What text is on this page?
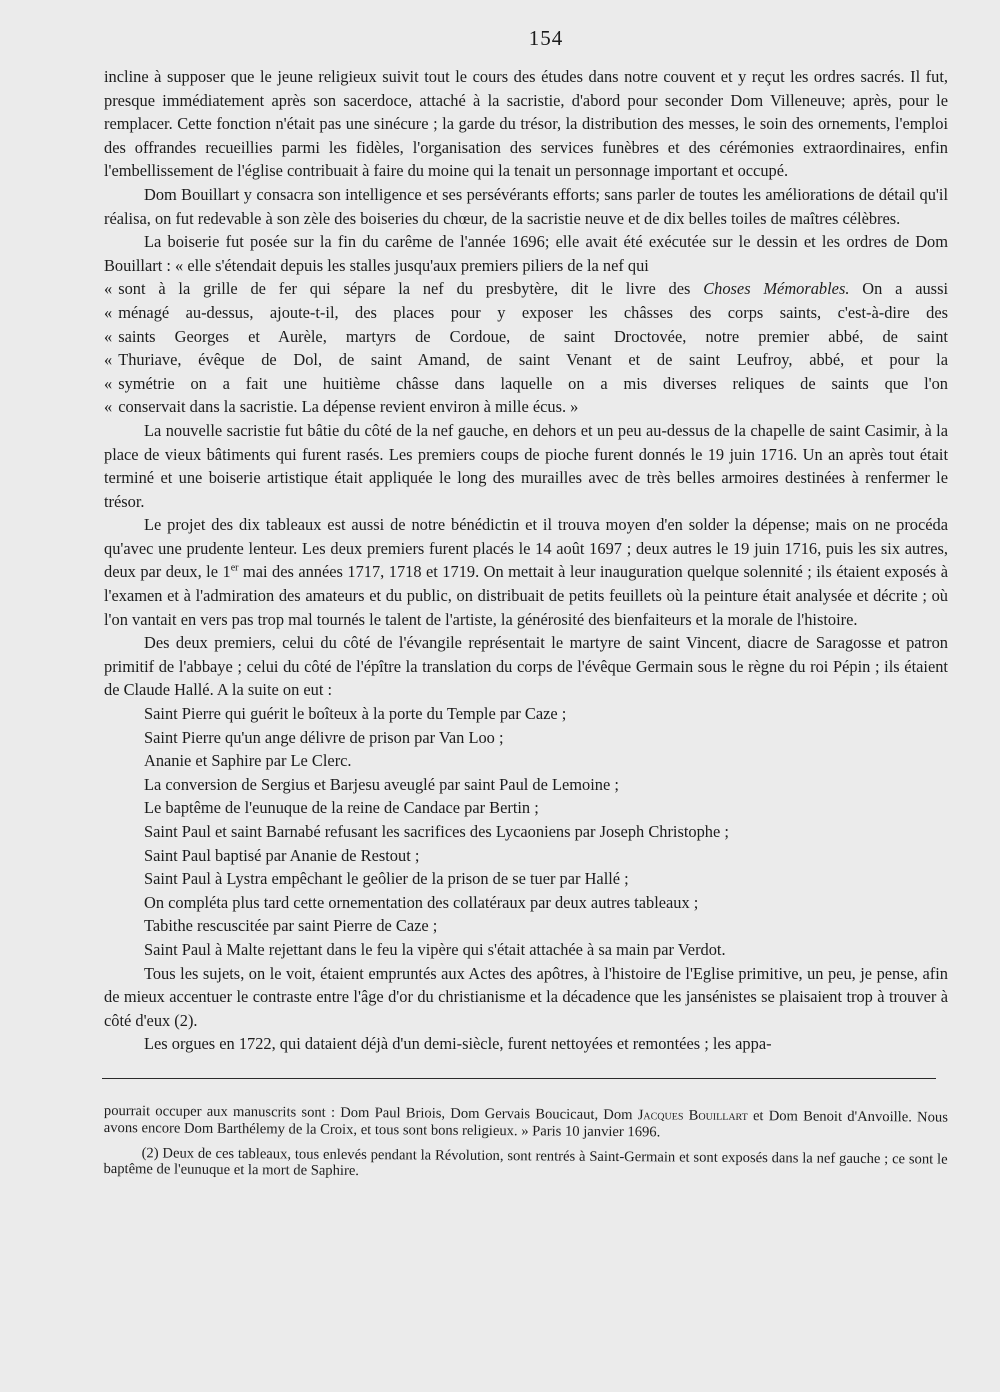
154

incline à supposer que le jeune religieux suivit tout le cours des études dans notre couvent et y reçut les ordres sacrés. Il fut, presque immédiatement après son sacerdoce, attaché à la sacristie, d'abord pour seconder Dom Villeneuve; après, pour le remplacer. Cette fonction n'était pas une sinécure ; la garde du trésor, la distribution des messes, le soin des ornements, l'emploi des offrandes recueillies parmi les fidèles, l'organisation des services funèbres et des cérémonies extraordinaires, enfin l'embellissement de l'église contribuait à faire du moine qui la tenait un personnage important et occupé.

Dom Bouillart y consacra son intelligence et ses persévérants efforts; sans parler de toutes les améliorations de détail qu'il réalisa, on fut redevable à son zèle des boiseries du chœur, de la sacristie neuve et de dix belles toiles de maîtres célèbres.

La boiserie fut posée sur la fin du carême de l'année 1696; elle avait été exécutée sur le dessin et les ordres de Dom Bouillart : « elle s'étendait depuis les stalles jusqu'aux premiers piliers de la nef qui

« sont à la grille de fer qui sépare la nef du presbytère, dit le livre des Choses Mémorables. On a aussi
« ménagé au-dessus, ajoute-t-il, des places pour y exposer les châsses des corps saints, c'est-à-dire des
« saints Georges et Aurèle, martyrs de Cordoue, de saint Droctovée, notre premier abbé, de saint
« Thuriave, évêque de Dol, de saint Amand, de saint Venant et de saint Leufroy, abbé, et pour la
« symétrie on a fait une huitième châsse dans laquelle on a mis diverses reliques de saints que l'on
« conservait dans la sacristie. La dépense revient environ à mille écus. »

La nouvelle sacristie fut bâtie du côté de la nef gauche, en dehors et un peu au-dessus de la chapelle de saint Casimir, à la place de vieux bâtiments qui furent rasés. Les premiers coups de pioche furent donnés le 19 juin 1716. Un an après tout était terminé et une boiserie artistique était appliquée le long des murailles avec de très belles armoires destinées à renfermer le trésor.

Le projet des dix tableaux est aussi de notre bénédictin et il trouva moyen d'en solder la dépense; mais on ne procéda qu'avec une prudente lenteur. Les deux premiers furent placés le 14 août 1697 ; deux autres le 19 juin 1716, puis les six autres, deux par deux, le 1er mai des années 1717, 1718 et 1719. On mettait à leur inauguration quelque solennité ; ils étaient exposés à l'examen et à l'admiration des amateurs et du public, on distribuait de petits feuillets où la peinture était analysée et décrite ; où l'on vantait en vers pas trop mal tournés le talent de l'artiste, la générosité des bienfaiteurs et la morale de l'histoire.

Des deux premiers, celui du côté de l'évangile représentait le martyre de saint Vincent, diacre de Saragosse et patron primitif de l'abbaye ; celui du côté de l'épître la translation du corps de l'évêque Germain sous le règne du roi Pépin ; ils étaient de Claude Hallé. A la suite on eut :

Saint Pierre qui guérit le boîteux à la porte du Temple par Caze ;
Saint Pierre qu'un ange délivre de prison par Van Loo ;
Ananie et Saphire par Le Clerc.
La conversion de Sergius et Barjesu aveuglé par saint Paul de Lemoine ;
Le baptême de l'eunuque de la reine de Candace par Bertin ;
Saint Paul et saint Barnabé refusant les sacrifices des Lycaoniens par Joseph Christophe ;
Saint Paul baptisé par Ananie de Restout ;
Saint Paul à Lystra empêchant le geôlier de la prison de se tuer par Hallé ;
On compléta plus tard cette ornementation des collatéraux par deux autres tableaux ;
Tabithe rescuscitée par saint Pierre de Caze ;
Saint Paul à Malte rejettant dans le feu la vipère qui s'était attachée à sa main par Verdot.

Tous les sujets, on le voit, étaient empruntés aux Actes des apôtres, à l'histoire de l'Eglise primitive, un peu, je pense, afin de mieux accentuer le contraste entre l'âge d'or du christianisme et la décadence que les jansénistes se plaisaient trop à trouver à côté d'eux (2).

Les orgues en 1722, qui dataient déjà d'un demi-siècle, furent nettoyées et remontées ; les appa-

pourrait occuper aux manuscrits sont : Dom Paul Briois, Dom Gervais Boucicaut, Dom Jacques Bouillart et Dom Benoit d'Anvoille. Nous avons encore Dom Barthélemy de la Croix, et tous sont bons religieux. » Paris 10 janvier 1696.

(2) Deux de ces tableaux, tous enlevés pendant la Révolution, sont rentrés à Saint-Germain et sont exposés dans la nef gauche ; ce sont le baptême de l'eunuque et la mort de Saphire.
